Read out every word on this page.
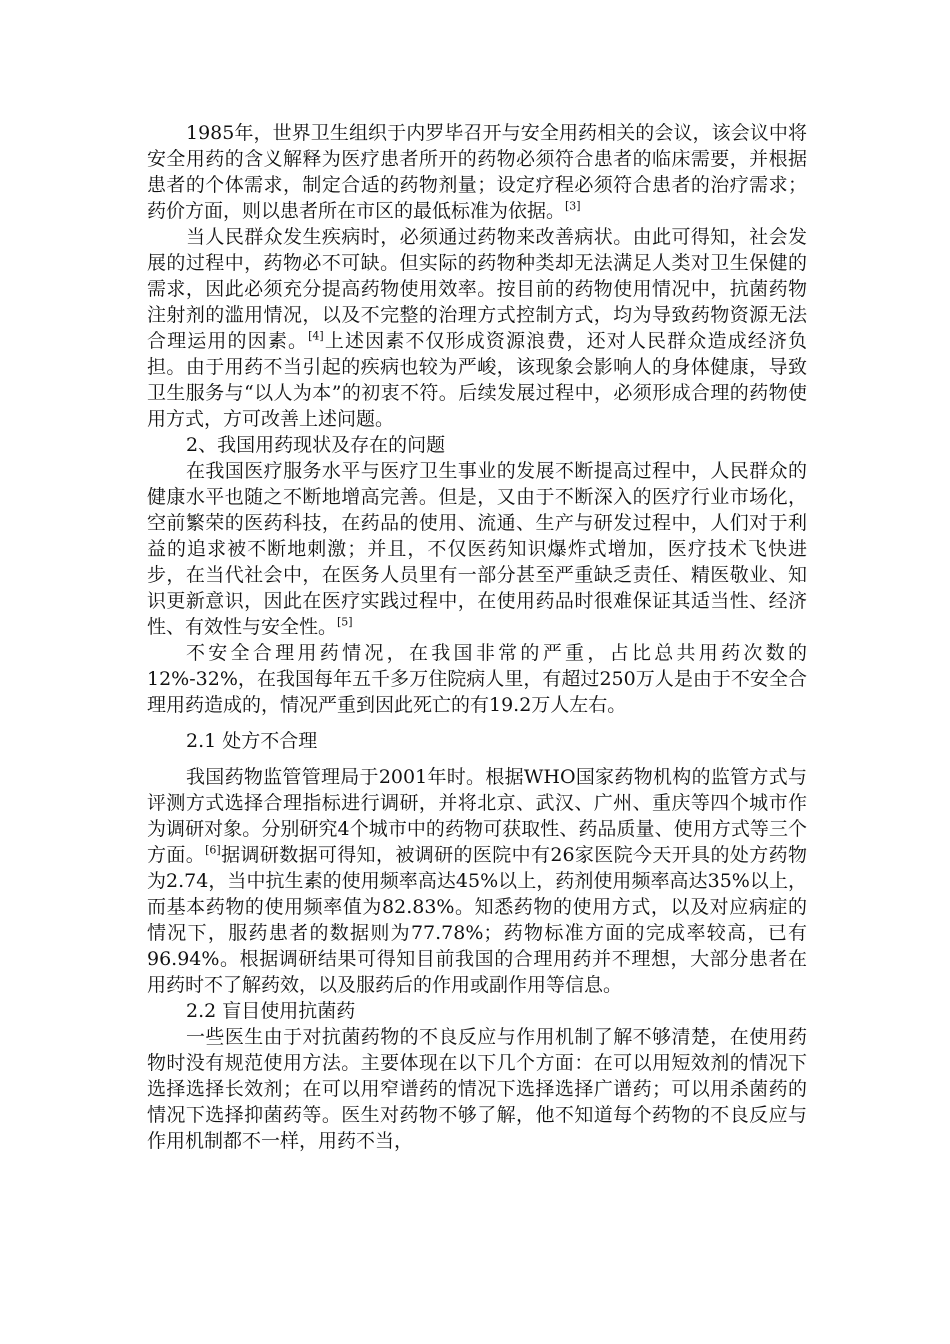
1985年，世界卫生组织于内罗毕召开与安全用药相关的会议，该会议中将安全用药的含义解释为医疗患者所开的药物必须符合患者的临床需要，并根据患者的个体需求，制定合适的药物剂量；设定疗程必须符合患者的治疗需求；药价方面，则以患者所在市区的最低标准为依据。[3]

当人民群众发生疾病时，必须通过药物来改善病状。由此可得知，社会发展的过程中，药物必不可缺。但实际的药物种类却无法满足人类对卫生保健的需求，因此必须充分提高药物使用效率。按目前的药物使用情况中，抗菌药物注射剂的滥用情况，以及不完整的治理方式控制方式，均为导致药物资源无法合理运用的因素。[4]上述因素不仅形成资源浪费，还对人民群众造成经济负担。由于用药不当引起的疾病也较为严峻，该现象会影响人的身体健康，导致卫生服务与“以人为本”的初衷不符。后续发展过程中，必须形成合理的药物使用方式，方可改善上述问题。

2、我国用药现状及存在的问题

在我国医疗服务水平与医疗卫生事业的发展不断提高过程中，人民群众的健康水平也随之不断地增高完善。但是，又由于不断深入的医疗行业市场化，空前繁荣的医药科技，在药品的使用、流通、生产与研发过程中，人们对于利益的追求被不断地刺激；并且，不仅医药知识爆炸式增加，医疗技术飞快进步，在当代社会中，在医务人员里有一部分甚至严重缺乏责任、精医敬业、知识更新意识，因此在医疗实践过程中，在使用药品时很难保证其适当性、经济性、有效性与安全性。[5]

不安全合理用药情况，在我国非常的严重，占比总共用药次数的12%-32%，在我国每年五千多万住院病人里，有超过250万人是由于不安全合理用药造成的，情况严重到因此死亡的有19.2万人左右。

2.1 处方不合理

我国药物监管管理局于2001年时。根据WHO国家药物机构的监管方式与评测方式选择合理指标进行调研，并将北京、武汉、广州、重庆等四个城市作为调研对象。分别研究4个城市中的药物可获取性、药品质量、使用方式等三个方面。[6]据调研数据可得知，被调研的医院中有26家医院今天开具的处方药物为2.74，当中抗生素的使用频率高达45%以上，药剂使用频率高达35%以上，而基本药物的使用频率值为82.83%。知悉药物的使用方式，以及对应病症的情况下，服药患者的数据则为77.78%；药物标准方面的完成率较高，已有96.94%。根据调研结果可得知目前我国的合理用药并不理想，大部分患者在用药时不了解药效，以及服药后的作用或副作用等信息。

2.2 盲目使用抗菌药

一些医生由于对抗菌药物的不良反应与作用机制了解不够清楚，在使用药物时没有规范使用方法。主要体现在以下几个方面：在可以用短效剂的情况下选择选择长效剂；在可以用窄谱药的情况下选择选择广谱药；可以用杀菌药的情况下选择抑菌药等。医生对药物不够了解，他不知道每个药物的不良反应与作用机制都不一样，用药不当，
